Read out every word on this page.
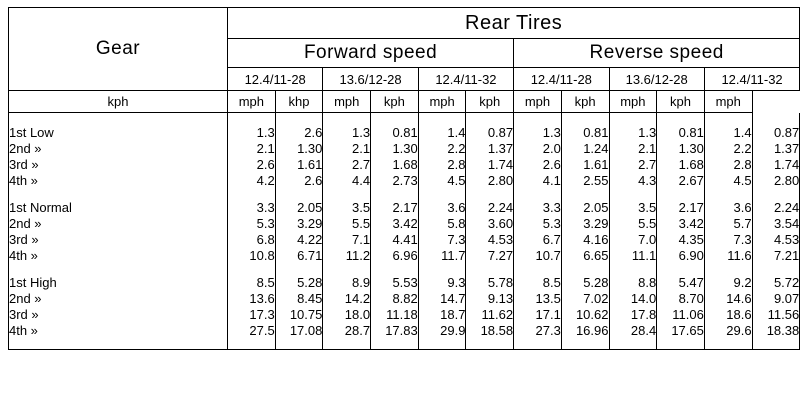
Gear	Rear Tires											
	Forward speed						Reverse speed					
	12.4/11-28		13.6/12-28		12.4/11-32		12.4/11-28		13.6/12-28		12.4/11-32	
kph	mph	khp	mph	kph	mph	kph	mph	kph	mph	kph	mph	

1st Low	1.3	2.6	1.3	0.81	1.4	0.87	1.3	0.81	1.3	0.81	1.4	0.87
2nd »	2.1	1.30	2.1	1.30	2.2	1.37	2.0	1.24	2.1	1.30	2.2	1.37
3rd »	2.6	1.61	2.7	1.68	2.8	1.74	2.6	1.61	2.7	1.68	2.8	1.74
4th »	4.2	2.6	4.4	2.73	4.5	2.80	4.1	2.55	4.3	2.67	4.5	2.80

1st Normal	3.3	2.05	3.5	2.17	3.6	2.24	3.3	2.05	3.5	2.17	3.6	2.24
2nd »	5.3	3.29	5.5	3.42	5.8	3.60	5.3	3.29	5.5	3.42	5.7	3.54
3rd »	6.8	4.22	7.1	4.41	7.3	4.53	6.7	4.16	7.0	4.35	7.3	4.53
4th »	10.8	6.71	11.2	6.96	11.7	7.27	10.7	6.65	11.1	6.90	11.6	7.21

1st High	8.5	5.28	8.9	5.53	9.3	5.78	8.5	5.28	8.8	5.47	9.2	5.72
2nd »	13.6	8.45	14.2	8.82	14.7	9.13	13.5	7.02	14.0	8.70	14.6	9.07
3rd »	17.3	10.75	18.0	11.18	18.7	11.62	17.1	10.62	17.8	11.06	18.6	11.56
4th »	27.5	17.08	28.7	17.83	29.9	18.58	27.3	16.96	28.4	17.65	29.6	18.38
